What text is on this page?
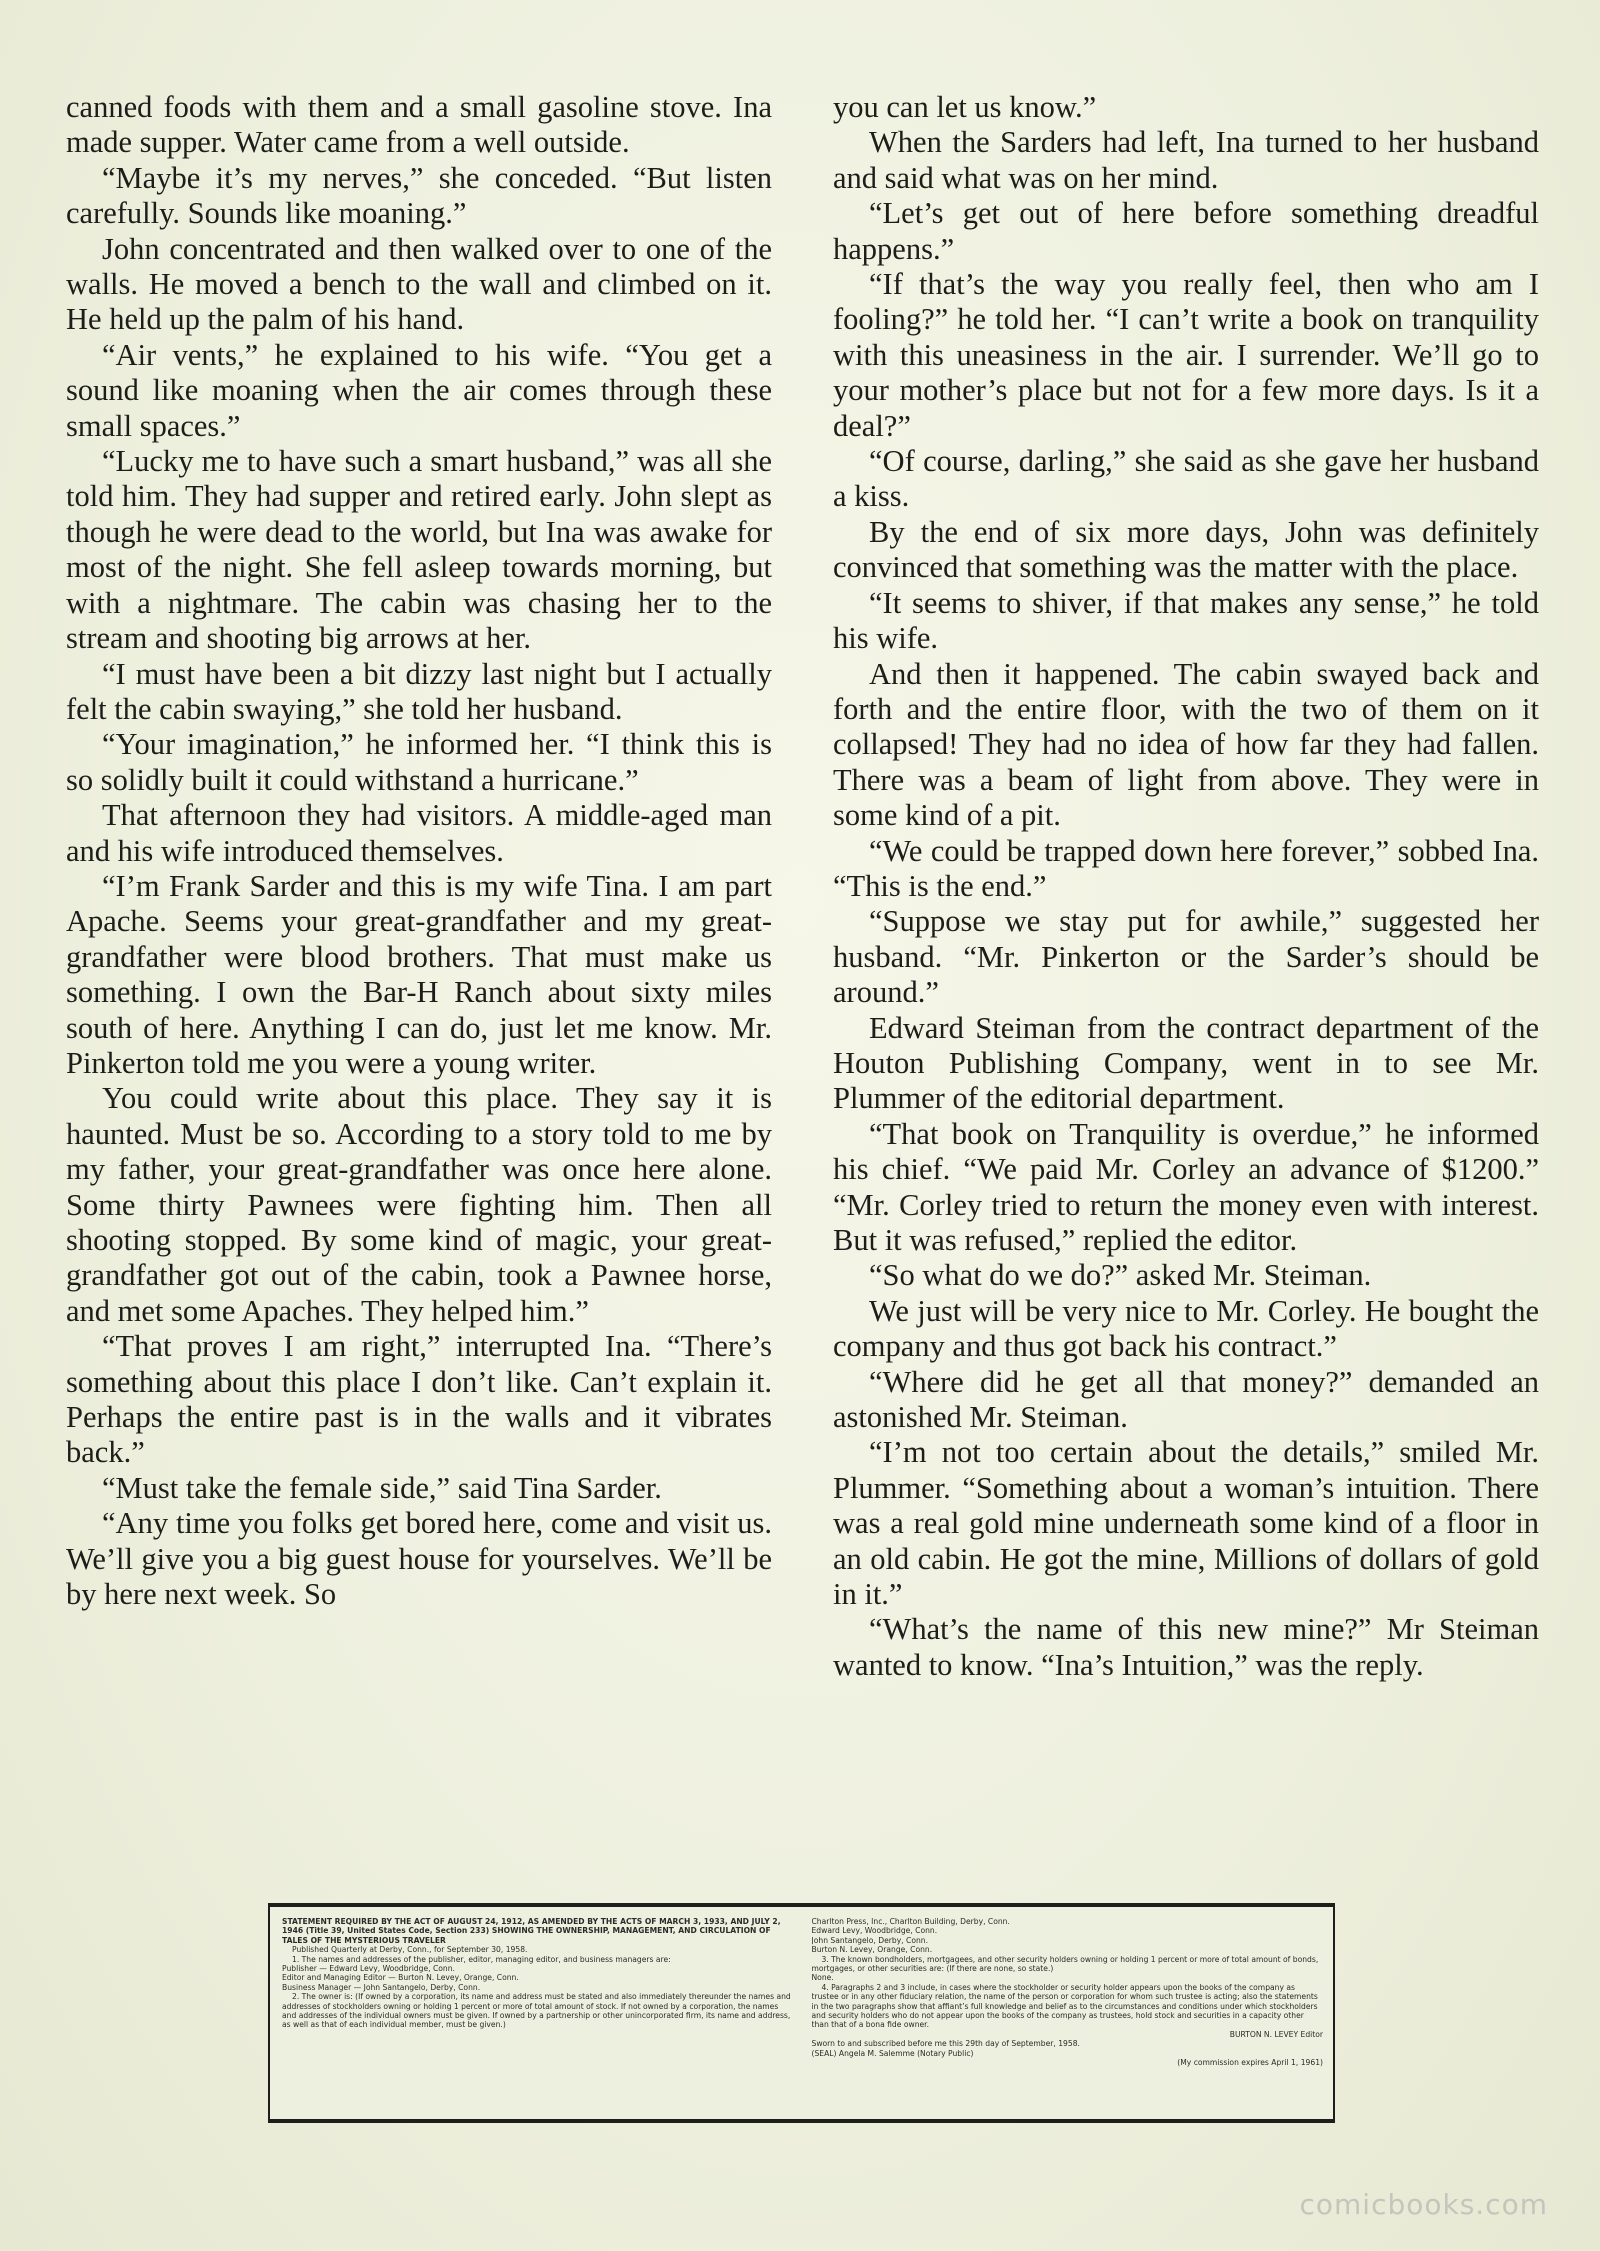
canned foods with them and a small gasoline stove. Ina made supper. Water came from a well outside.

“Maybe it’s my nerves,” she conceded. “But listen carefully. Sounds like moaning.”

John concentrated and then walked over to one of the walls. He moved a bench to the wall and climbed on it. He held up the palm of his hand.

“Air vents,” he explained to his wife. “You get a sound like moaning when the air comes through these small spaces.”

“Lucky me to have such a smart husband,” was all she told him. They had supper and retired early. John slept as though he were dead to the world, but Ina was awake for most of the night. She fell asleep towards morning, but with a nightmare. The cabin was chasing her to the stream and shooting big arrows at her.

“I must have been a bit dizzy last night but I actually felt the cabin swaying,” she told her husband.

“Your imagination,” he informed her. “I think this is so solidly built it could withstand a hurricane.”

That afternoon they had visitors. A middle-aged man and his wife introduced themselves.

“I’m Frank Sarder and this is my wife Tina. I am part Apache. Seems your great-grandfather and my great-grandfather were blood brothers. That must make us something. I own the Bar-H Ranch about sixty miles south of here. Anything I can do, just let me know. Mr. Pinkerton told me you were a young writer.

You could write about this place. They say it is haunted. Must be so. According to a story told to me by my father, your great-grandfather was once here alone. Some thirty Pawnees were fighting him. Then all shooting stopped. By some kind of magic, your great-grandfather got out of the cabin, took a Pawnee horse, and met some Apaches. They helped him.”

“That proves I am right,” interrupted Ina. “There’s something about this place I don’t like. Can’t explain it. Perhaps the entire past is in the walls and it vibrates back.”

“Must take the female side,” said Tina Sarder.

“Any time you folks get bored here, come and visit us. We’ll give you a big guest house for yourselves. We’ll be by here next week. So

you can let us know.”

When the Sarders had left, Ina turned to her husband and said what was on her mind.

“Let’s get out of here before something dreadful happens.”

“If that’s the way you really feel, then who am I fooling?” he told her. “I can’t write a book on tranquility with this uneasiness in the air. I surrender. We’ll go to your mother’s place but not for a few more days. Is it a deal?”

“Of course, darling,” she said as she gave her husband a kiss.

By the end of six more days, John was definitely convinced that something was the matter with the place.

“It seems to shiver, if that makes any sense,” he told his wife.

And then it happened. The cabin swayed back and forth and the entire floor, with the two of them on it collapsed! They had no idea of how far they had fallen. There was a beam of light from above. They were in some kind of a pit.

“We could be trapped down here forever,” sobbed Ina. “This is the end.”

“Suppose we stay put for awhile,” suggested her husband. “Mr. Pinkerton or the Sarder’s should be around.”

Edward Steiman from the contract department of the Houton Publishing Company, went in to see Mr. Plummer of the editorial department.

“That book on Tranquility is overdue,” he informed his chief. “We paid Mr. Corley an advance of $1200.” “Mr. Corley tried to return the money even with interest. But it was refused,” replied the editor.

“So what do we do?” asked Mr. Steiman.

We just will be very nice to Mr. Corley. He bought the company and thus got back his contract.”

“Where did he get all that money?” demanded an astonished Mr. Steiman.

“I’m not too certain about the details,” smiled Mr. Plummer. “Something about a woman’s intuition. There was a real gold mine underneath some kind of a floor in an old cabin. He got the mine, Millions of dollars of gold in it.”

“What’s the name of this new mine?” Mr Steiman wanted to know. “Ina’s Intuition,” was the reply.

STATEMENT REQUIRED BY THE ACT OF AUGUST 24, 1912, AS AMENDED BY THE ACTS OF MARCH 3, 1933, AND JULY 2, 1946 (Title 39, United States Code, Section 233) SHOWING THE OWNERSHIP, MANAGEMENT, AND CIRCULATION OF

TALES OF THE MYSTERIOUS TRAVELER

Published Quarterly at Derby, Conn., for September 30, 1958.

1. The names and addresses of the publisher, editor, managing editor, and business managers are:

Publisher — Edward Levy, Woodbridge, Conn.

Editor and Managing Editor — Burton N. Levey, Orange, Conn.

Business Manager — John Santangelo, Derby, Conn.

2. The owner is: (If owned by a corporation, its name and address must be stated and also immediately thereunder the names and addresses of stockholders owning or holding 1 percent or more of total amount of stock. If not owned by a corporation, the names and addresses of the individual owners must be given. If owned by a partnership or other unincorporated firm, its name and address, as well as that of each individual member, must be given.)

Charlton Press, Inc., Charlton Building, Derby, Conn.

Edward Levy, Woodbridge, Conn.

John Santangelo, Derby, Conn.

Burton N. Levey, Orange, Conn.

3. The known bondholders, mortgagees, and other security holders owning or holding 1 percent or more of total amount of bonds, mortgages, or other securities are: (If there are none, so state.)

None.

4. Paragraphs 2 and 3 include, in cases where the stockholder or security holder appears upon the books of the company as trustee or in any other fiduciary relation, the name of the person or corporation for whom such trustee is acting; also the statements in the two paragraphs show that affiant’s full knowledge and belief as to the circumstances and conditions under which stockholders and security holders who do not appear upon the books of the company as trustees, hold stock and securities in a capacity other than that of a bona fide owner.

BURTON N. LEVEY Editor

Sworn to and subscribed before me this 29th day of September, 1958.

(SEAL) Angela M. Salemme (Notary Public)

(My commission expires April 1, 1961)

comicbooks.com
